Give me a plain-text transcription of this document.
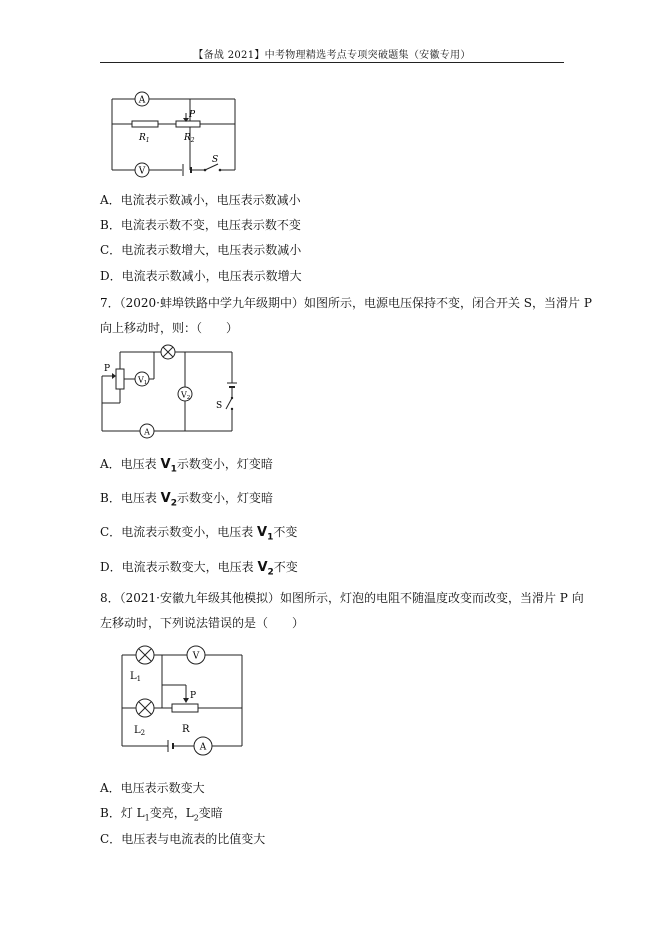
【备战 2021】中考物理精选考点专项突破题集（安徽专用）
A
V
$R_1$	$R_2$
P
S
A．电流表示数减小，电压表示数减小
B．电流表示数不变，电压表示数不变
C．电流表示数增大，电压表示数减小
D．电流表示数减小，电压表示数增大
7．（2020·蚌埠铁路中学九年级期中）如图所示，电源电压保持不变，闭合开关 S，当滑片 P
向上移动时，则：（　　）
P
V1
V2
S
A
A．电压表 $V_1$示数变小，灯变暗
B．电压表 $V_2$示数变小，灯变暗
C．电流表示数变小，电压表 $V_1$不变
D．电流表示数变大，电压表 $V_2$不变
8．（2021·安徽九年级其他模拟）如图所示，灯泡的电阻不随温度改变而改变，当滑片 P 向
左移动时，下列说法错误的是（　　）
$L_1$
V
P
$L_2$	R
A
A．电压表示数变大
B．灯 $L_1$变亮，$L_2$变暗
C．电压表与电流表的比值变大
